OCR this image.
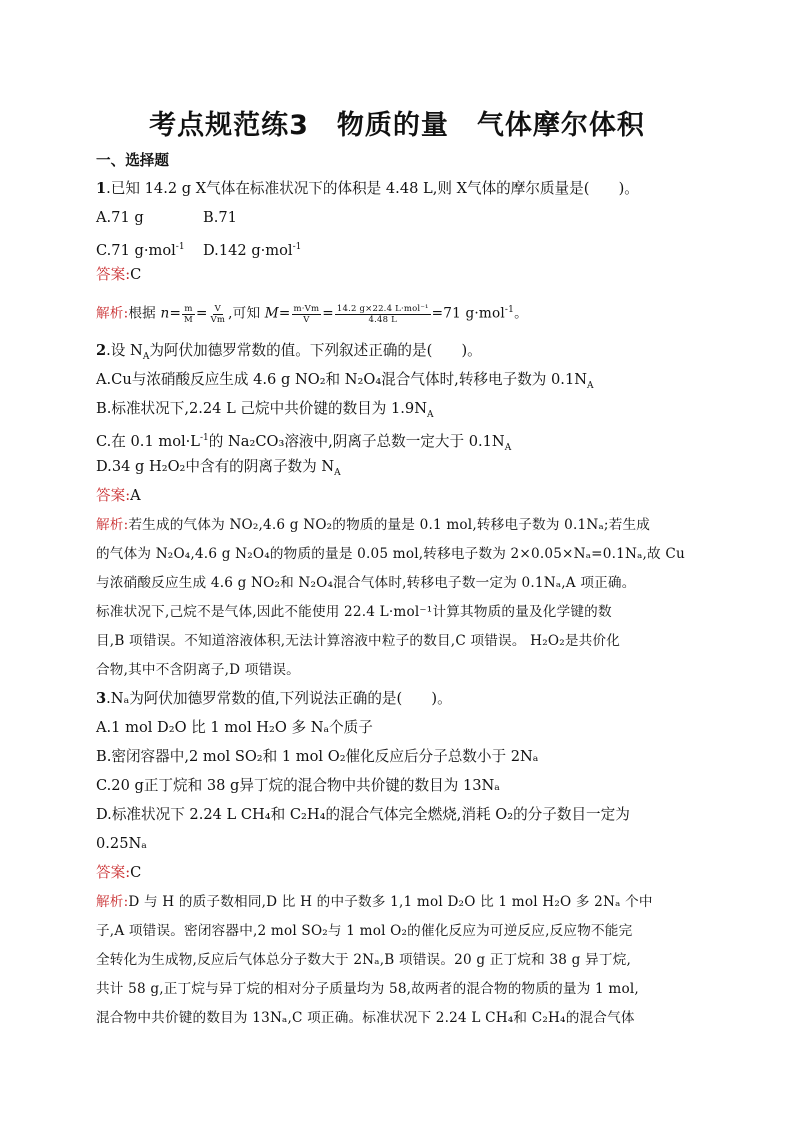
考点规范练3　物质的量　气体摩尔体积
一、选择题
1.已知 14.2 g X气体在标准状况下的体积是 4.48 L,则 X气体的摩尔质量是(　　)。
A.71 g	B.71
C.71 g·mol$^{-1}$ D.142 g·mol$^{-1}$
答案:C
解析:根据 $n= \frac{m}{M} = \frac{V}{Vm}$ ,可知 $M= \frac{m\cdot Vm}{V} = \frac{\text{14.2 g×22.4 L·mol⁻¹}}{4.48 L} =71$ g·mol$^{-1}$。
2.设 $N_A$为阿伏加德罗常数的值。下列叙述正确的是(　　)。
A.Cu与浓硝酸反应生成 4.6 g NO₂和 N₂O₄混合气体时,转移电子数为 $0.1N_A$
B.标准状况下,2.24 L 己烷中共价键的数目为 $1.9N_A$
C.在 0.1 $mol\cdot L^{-1}$的 Na₂CO₃溶液中,阴离子总数一定大于 $0.1N_A$
D.34 g H₂O₂中含有的阴离子数为 $N_A$
答案:A
解析:若生成的气体为 NO₂,4.6 g NO₂的物质的量是 0.1 mol,转移电子数为 0.1Nₐ;若生成
的气体为 N₂O₄,4.6 g N₂O₄的物质的量是 0.05 mol,转移电子数为 2×0.05×Nₐ=0.1Nₐ,故 Cu
与浓硝酸反应生成 4.6 g NO₂和 N₂O₄混合气体时,转移电子数一定为 0.1Nₐ,A 项正确。
标准状况下,己烷不是气体,因此不能使用 22.4 L·mol⁻¹计算其物质的量及化学键的数
目,B 项错误。不知道溶液体积,无法计算溶液中粒子的数目,C 项错误。 H₂O₂是共价化
合物,其中不含阴离子,D 项错误。
3.Nₐ为阿伏加德罗常数的值,下列说法正确的是(　　)。
A.1 mol D₂O 比 1 mol H₂O 多 Nₐ个质子
B.密闭容器中,2 mol SO₂和 1 mol O₂催化反应后分子总数小于 2Nₐ
C.20 g正丁烷和 38 g异丁烷的混合物中共价键的数目为 13Nₐ
D.标准状况下 2.24 L CH₄和 C₂H₄的混合气体完全燃烧,消耗 O₂的分子数目一定为
0.25Nₐ
答案:C
解析:D 与 H 的质子数相同,D 比 H 的中子数多 1,1 mol D₂O 比 1 mol H₂O 多 2Nₐ 个中
子,A 项错误。密闭容器中,2 mol SO₂与 1 mol O₂的催化反应为可逆反应,反应物不能完
全转化为生成物,反应后气体总分子数大于 2Nₐ,B 项错误。20 g 正丁烷和 38 g 异丁烷,
共计 58 g,正丁烷与异丁烷的相对分子质量均为 58,故两者的混合物的物质的量为 1 mol,
混合物中共价键的数目为 13Nₐ,C 项正确。标准状况下 2.24 L CH₄和 C₂H₄的混合气体
